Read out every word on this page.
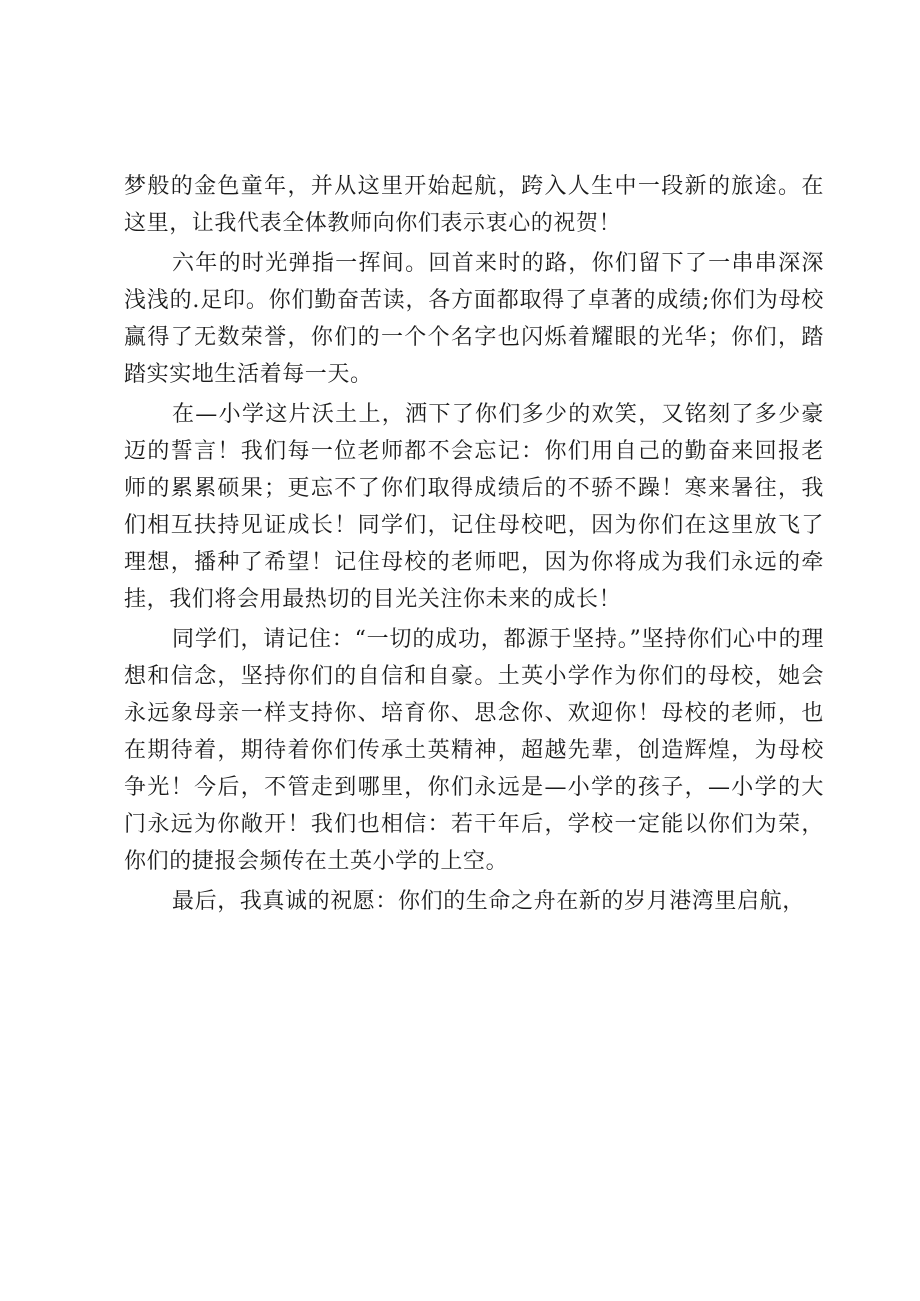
梦般的金色童年，并从这里开始起航，跨入人生中一段新的旅途。在这里，让我代表全体教师向你们表示衷心的祝贺！

六年的时光弹指一挥间。回首来时的路，你们留下了一串串深深浅浅的.足印。你们勤奋苦读，各方面都取得了卓著的成绩;你们为母校赢得了无数荣誉，你们的一个个名字也闪烁着耀眼的光华；你们，踏踏实实地生活着每一天。

在—小学这片沃土上，洒下了你们多少的欢笑，又铭刻了多少豪迈的誓言！我们每一位老师都不会忘记：你们用自己的勤奋来回报老师的累累硕果；更忘不了你们取得成绩后的不骄不躁！寒来暑往，我们相互扶持见证成长！同学们，记住母校吧，因为你们在这里放飞了理想，播种了希望！记住母校的老师吧，因为你将成为我们永远的牵挂，我们将会用最热切的目光关注你未来的成长！

同学们，请记住：“一切的成功，都源于坚持。”坚持你们心中的理想和信念，坚持你们的自信和自豪。土英小学作为你们的母校，她会永远象母亲一样支持你、培育你、思念你、欢迎你！母校的老师，也在期待着，期待着你们传承土英精神，超越先辈，创造辉煌，为母校争光！今后，不管走到哪里，你们永远是—小学的孩子，—小学的大门永远为你敞开！我们也相信：若干年后，学校一定能以你们为荣，你们的捷报会频传在土英小学的上空。

最后，我真诚的祝愿：你们的生命之舟在新的岁月港湾里启航，
